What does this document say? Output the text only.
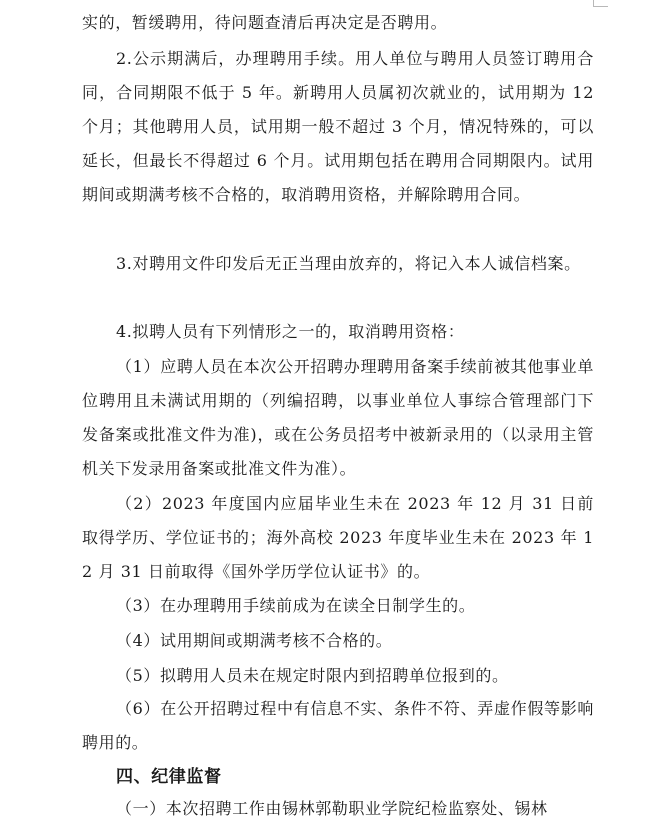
实的，暂缓聘用，待问题查清后再决定是否聘用。

2.公示期满后，办理聘用手续。用人单位与聘用人员签订聘用合同，合同期限不低于 5 年。新聘用人员属初次就业的，试用期为 12 个月；其他聘用人员，试用期一般不超过 3 个月，情况特殊的，可以延长，但最长不得超过 6 个月。试用期包括在聘用合同期限内。试用期间或期满考核不合格的，取消聘用资格，并解除聘用合同。

3.对聘用文件印发后无正当理由放弃的，将记入本人诚信档案。

4.拟聘人员有下列情形之一的，取消聘用资格：

（1）应聘人员在本次公开招聘办理聘用备案手续前被其他事业单位聘用且未满试用期的（列编招聘，以事业单位人事综合管理部门下发备案或批准文件为准)，或在公务员招考中被新录用的（以录用主管机关下发录用备案或批准文件为准）。

（2）2023 年度国内应届毕业生未在 2023 年 12 月 31 日前取得学历、学位证书的；海外高校 2023 年度毕业生未在 2023 年 12 月 31 日前取得《国外学历学位认证书》的。

（3）在办理聘用手续前成为在读全日制学生的。

（4）试用期间或期满考核不合格的。

（5）拟聘用人员未在规定时限内到招聘单位报到的。

（6）在公开招聘过程中有信息不实、条件不符、弄虚作假等影响聘用的。

四、纪律监督

（一）本次招聘工作由锡林郭勒职业学院纪检监察处、锡林
